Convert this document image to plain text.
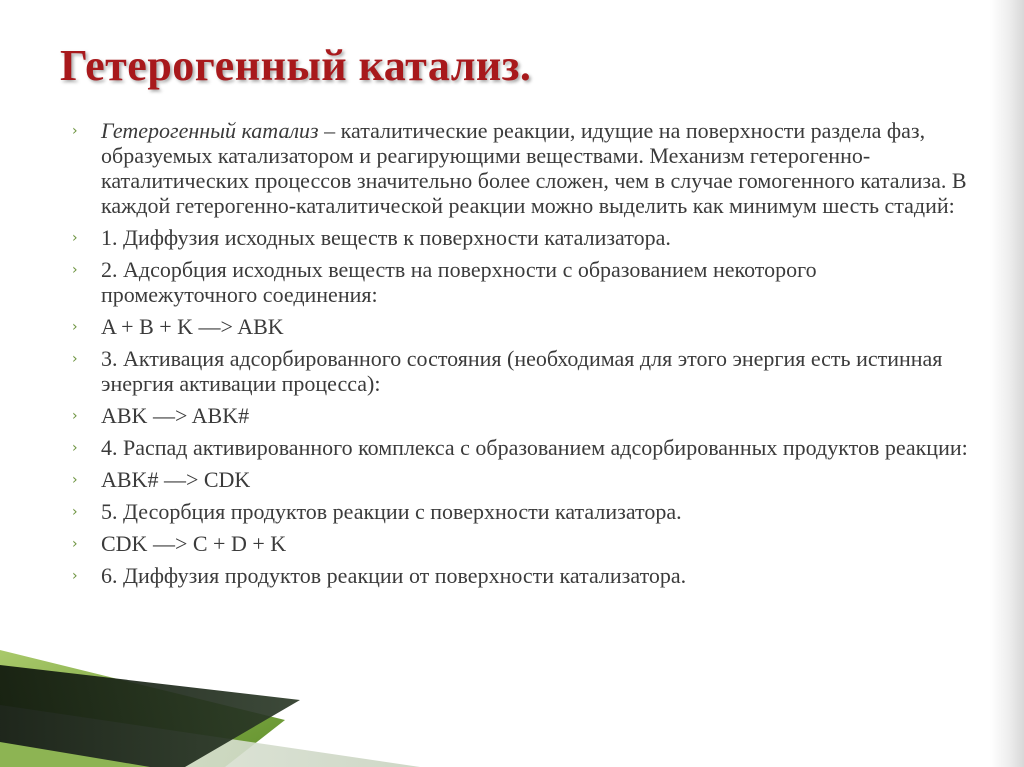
Гетерогенный катализ.
› Гетерогенный катализ – каталитические реакции, идущие на поверхности раздела фаз, образуемых катализатором и реагирующими веществами. Механизм гетерогенно-каталитических процессов значительно более сложен, чем в случае гомогенного катализа. В каждой гетерогенно-каталитической реакции можно выделить как минимум шесть стадий:
› 1. Диффузия исходных веществ к поверхности катализатора.
› 2. Адсорбция исходных веществ на поверхности с образованием некоторого промежуточного соединения:
› A + B + K —> ABK
› 3. Активация адсорбированного состояния (необходимая для этого энергия есть истинная энергия активации процесса):
› ABK —> ABK#
› 4. Распад активированного комплекса с образованием адсорбированных продуктов реакции:
› ABK# —> CDK
› 5. Десорбция продуктов реакции с поверхности катализатора.
› CDK —> C + D + K
› 6. Диффузия продуктов реакции от поверхности катализатора.
